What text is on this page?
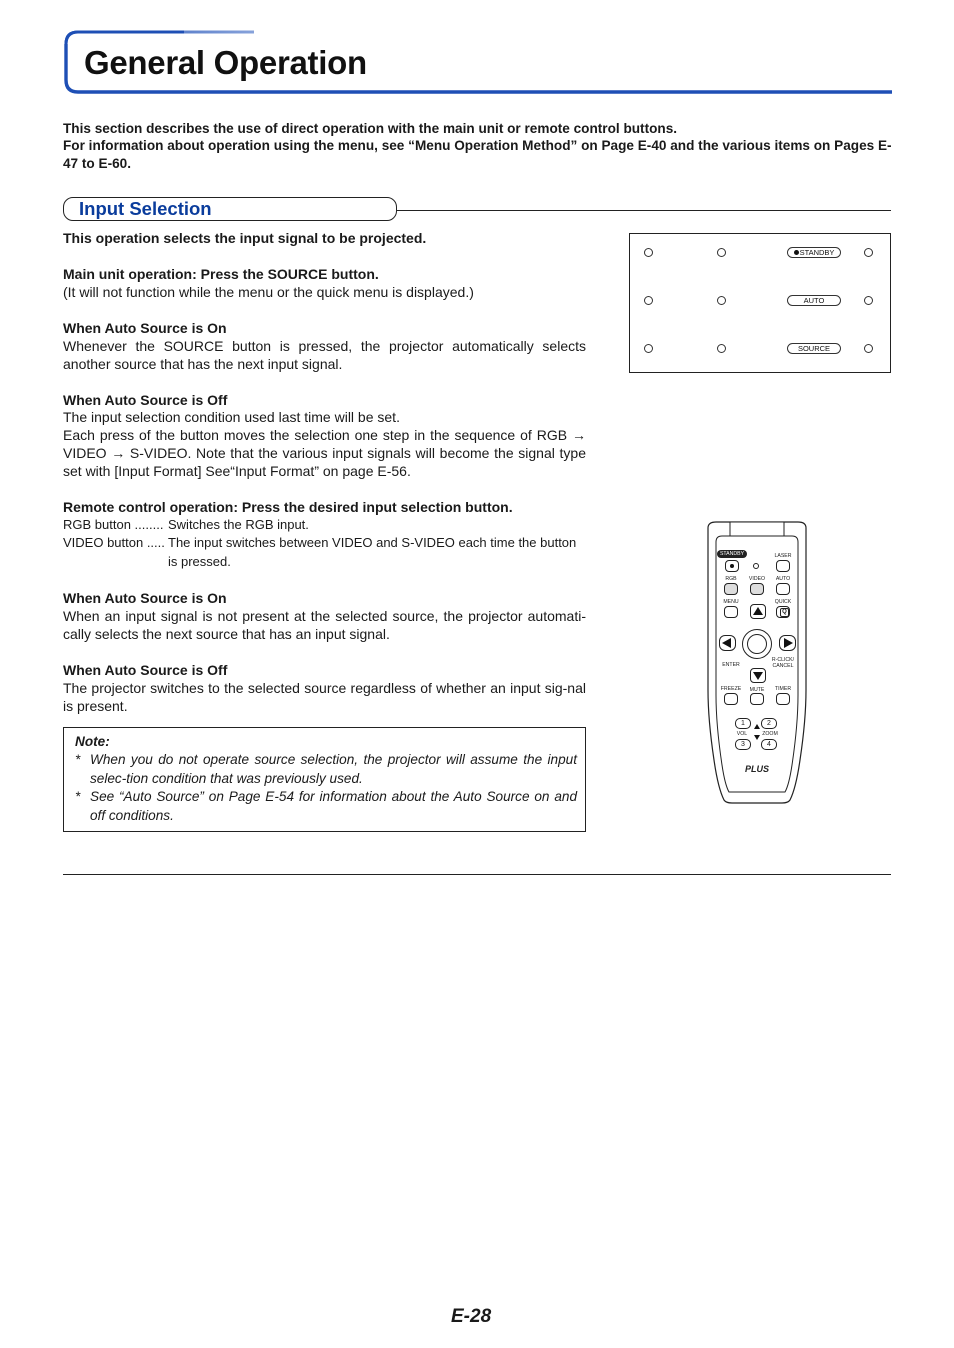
General Operation
This section describes the use of direct operation with the main unit or remote control buttons.
For information about operation using the menu, see “Menu Operation Method” on Page E-40 and the various items on Pages E-47 to E-60.
Input Selection
This operation selects the input signal to be projected.
Main unit operation: Press the SOURCE button.
(It will not function while the menu or the quick menu is displayed.)
When Auto Source is On
Whenever the SOURCE button is pressed, the projector automatically selects another source that has the next input signal.
When Auto Source is Off
The input selection condition used last time will be set.
Each press of the button moves the selection one step in the sequence of RGB → VIDEO → S-VIDEO. Note that the various input signals will become the signal type set with [Input Format] See“Input Format” on page E-56.
Remote control operation: Press the desired input selection button.
RGB button ........ Switches the RGB input.
VIDEO button ..... The input switches between VIDEO and S-VIDEO each time the button is pressed.
When Auto Source is On
When an input signal is not present at the selected source, the projector automati-cally selects the next source that has an input signal.
When Auto Source is Off
The projector switches to the selected source regardless of whether an input sig-nal is present.
Note:
* When you do not operate source selection, the projector will assume the input selec-tion condition that was previously used.
* See “Auto Source” on Page E-54 for information about the Auto Source on and off conditions.
STANDBY
AUTO
SOURCE
STANDBY	LASER
RGB	VIDEO	AUTO
MENU	QUICK
Q
ENTER
R-CLICK/ CANCEL
FREEZE	MUTE	TIMER
1	2
VOL	ZOOM
3	4
PLUS
E-28
